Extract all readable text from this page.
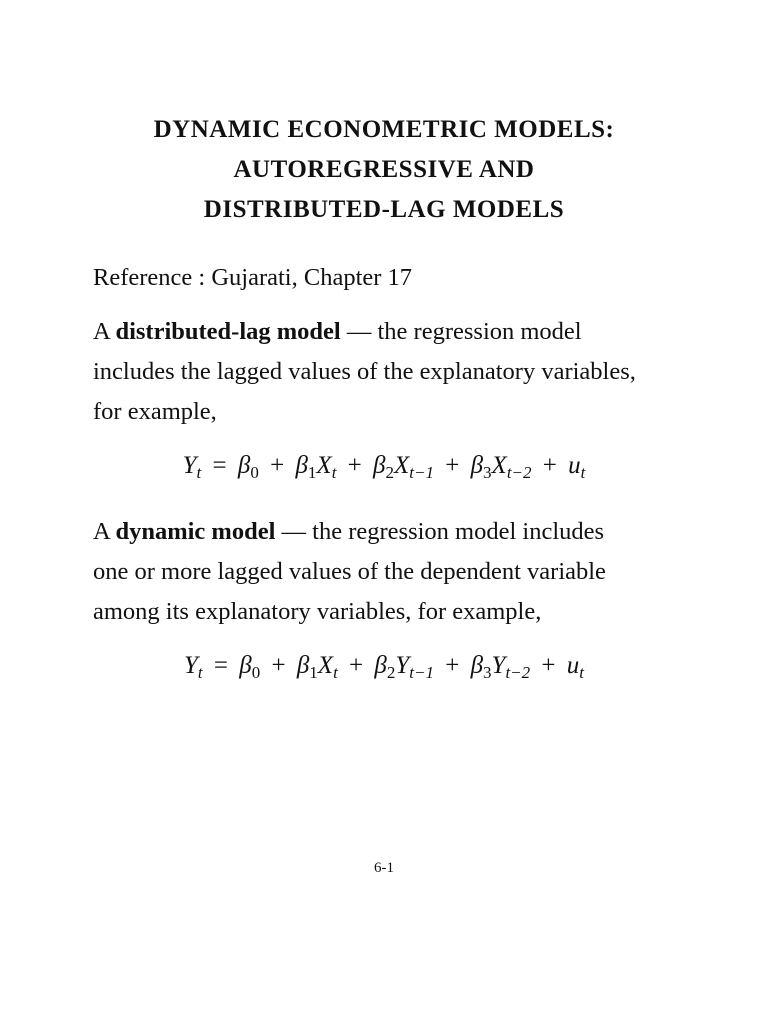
DYNAMIC ECONOMETRIC MODELS:
AUTOREGRESSIVE AND
DISTRIBUTED-LAG MODELS
Reference : Gujarati, Chapter 17
A distributed-lag model — the regression model
includes the lagged values of the explanatory variables,
for example,
$Y_t = \beta_0 + \beta_1X_t + \beta_2X_{t-1} + \beta_3X_{t-2} + u_t$
A dynamic model — the regression model includes
one or more lagged values of the dependent variable
among its explanatory variables, for example,
$Y_t = \beta_0 + \beta_1X_t + \beta_2Y_{t-1} + \beta_3Y_{t-2} + u_t$
6-1
